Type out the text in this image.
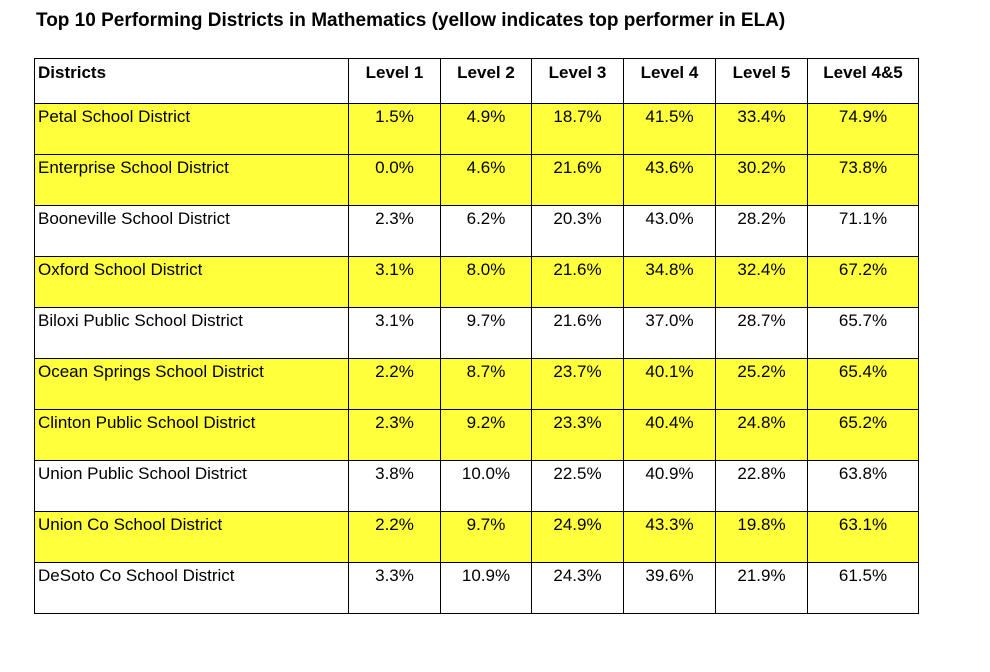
Top 10 Performing Districts in Mathematics (yellow indicates top performer in ELA)
Districts	Level 1	Level 2	Level 3	Level 4	Level 5	Level 4&5
Petal School District	1.5%	4.9%	18.7%	41.5%	33.4%	74.9%
Enterprise School District	0.0%	4.6%	21.6%	43.6%	30.2%	73.8%
Booneville School District	2.3%	6.2%	20.3%	43.0%	28.2%	71.1%
Oxford School District	3.1%	8.0%	21.6%	34.8%	32.4%	67.2%
Biloxi Public School District	3.1%	9.7%	21.6%	37.0%	28.7%	65.7%
Ocean Springs School District	2.2%	8.7%	23.7%	40.1%	25.2%	65.4%
Clinton Public School District	2.3%	9.2%	23.3%	40.4%	24.8%	65.2%
Union Public School District	3.8%	10.0%	22.5%	40.9%	22.8%	63.8%
Union Co School District	2.2%	9.7%	24.9%	43.3%	19.8%	63.1%
DeSoto Co School District	3.3%	10.9%	24.3%	39.6%	21.9%	61.5%
